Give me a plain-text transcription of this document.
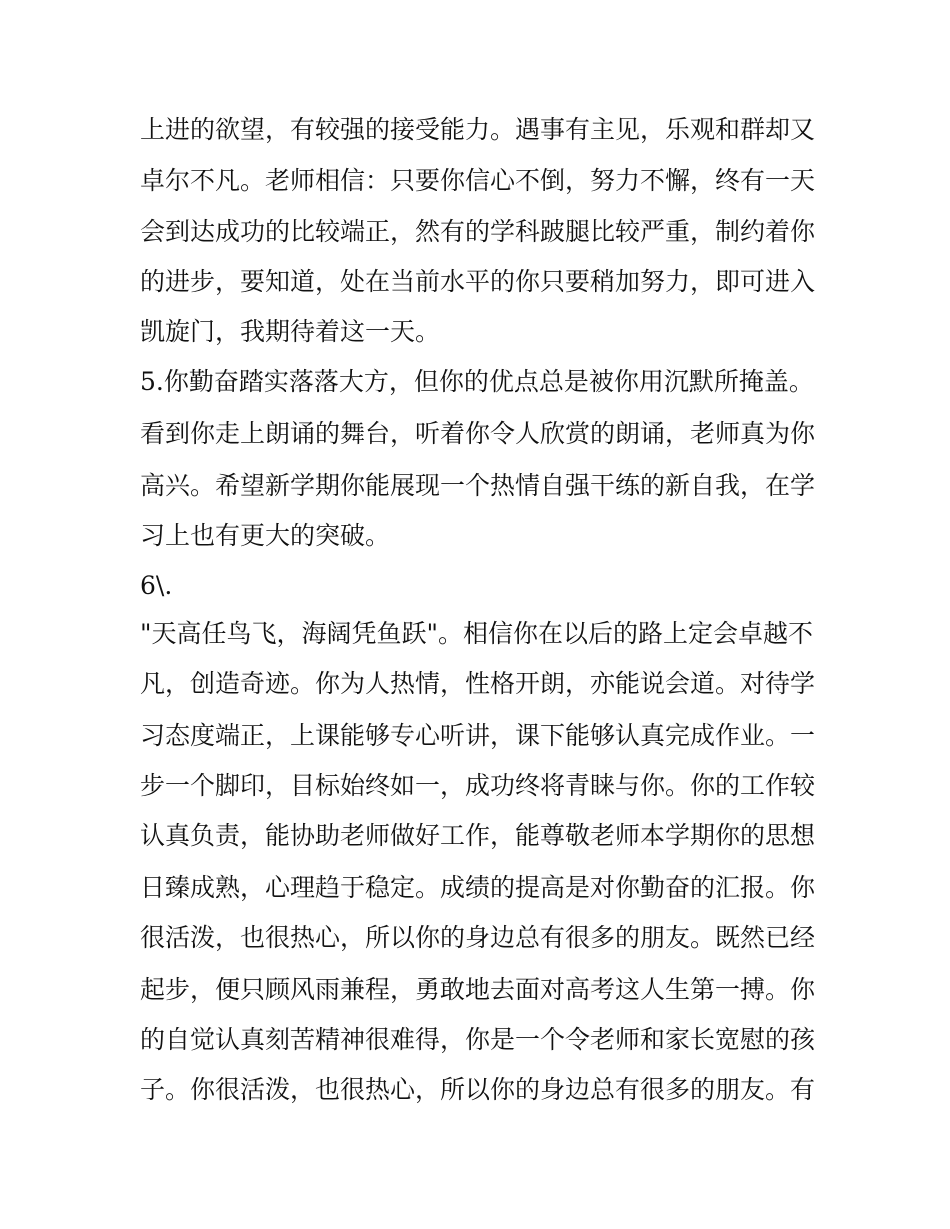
上进的欲望，有较强的接受能力。遇事有主见，乐观和群却又
卓尔不凡。老师相信：只要你信心不倒，努力不懈，终有一天
会到达成功的比较端正，然有的学科跛腿比较严重，制约着你
的进步，要知道，处在当前水平的你只要稍加努力，即可进入
凯旋门，我期待着这一天。
5.你勤奋踏实落落大方，但你的优点总是被你用沉默所掩盖。
看到你走上朗诵的舞台，听着你令人欣赏的朗诵，老师真为你
高兴。希望新学期你能展现一个热情自强干练的新自我，在学
习上也有更大的突破。
6\.
"天高任鸟飞，海阔凭鱼跃"。相信你在以后的路上定会卓越不
凡，创造奇迹。你为人热情，性格开朗，亦能说会道。对待学
习态度端正，上课能够专心听讲，课下能够认真完成作业。一
步一个脚印，目标始终如一，成功终将青睐与你。你的工作较
认真负责，能协助老师做好工作，能尊敬老师本学期你的思想
日臻成熟，心理趋于稳定。成绩的提高是对你勤奋的汇报。你
很活泼，也很热心，所以你的身边总有很多的朋友。既然已经
起步，便只顾风雨兼程，勇敢地去面对高考这人生第一搏。你
的自觉认真刻苦精神很难得，你是一个令老师和家长宽慰的孩
子。你很活泼，也很热心，所以你的身边总有很多的朋友。有
